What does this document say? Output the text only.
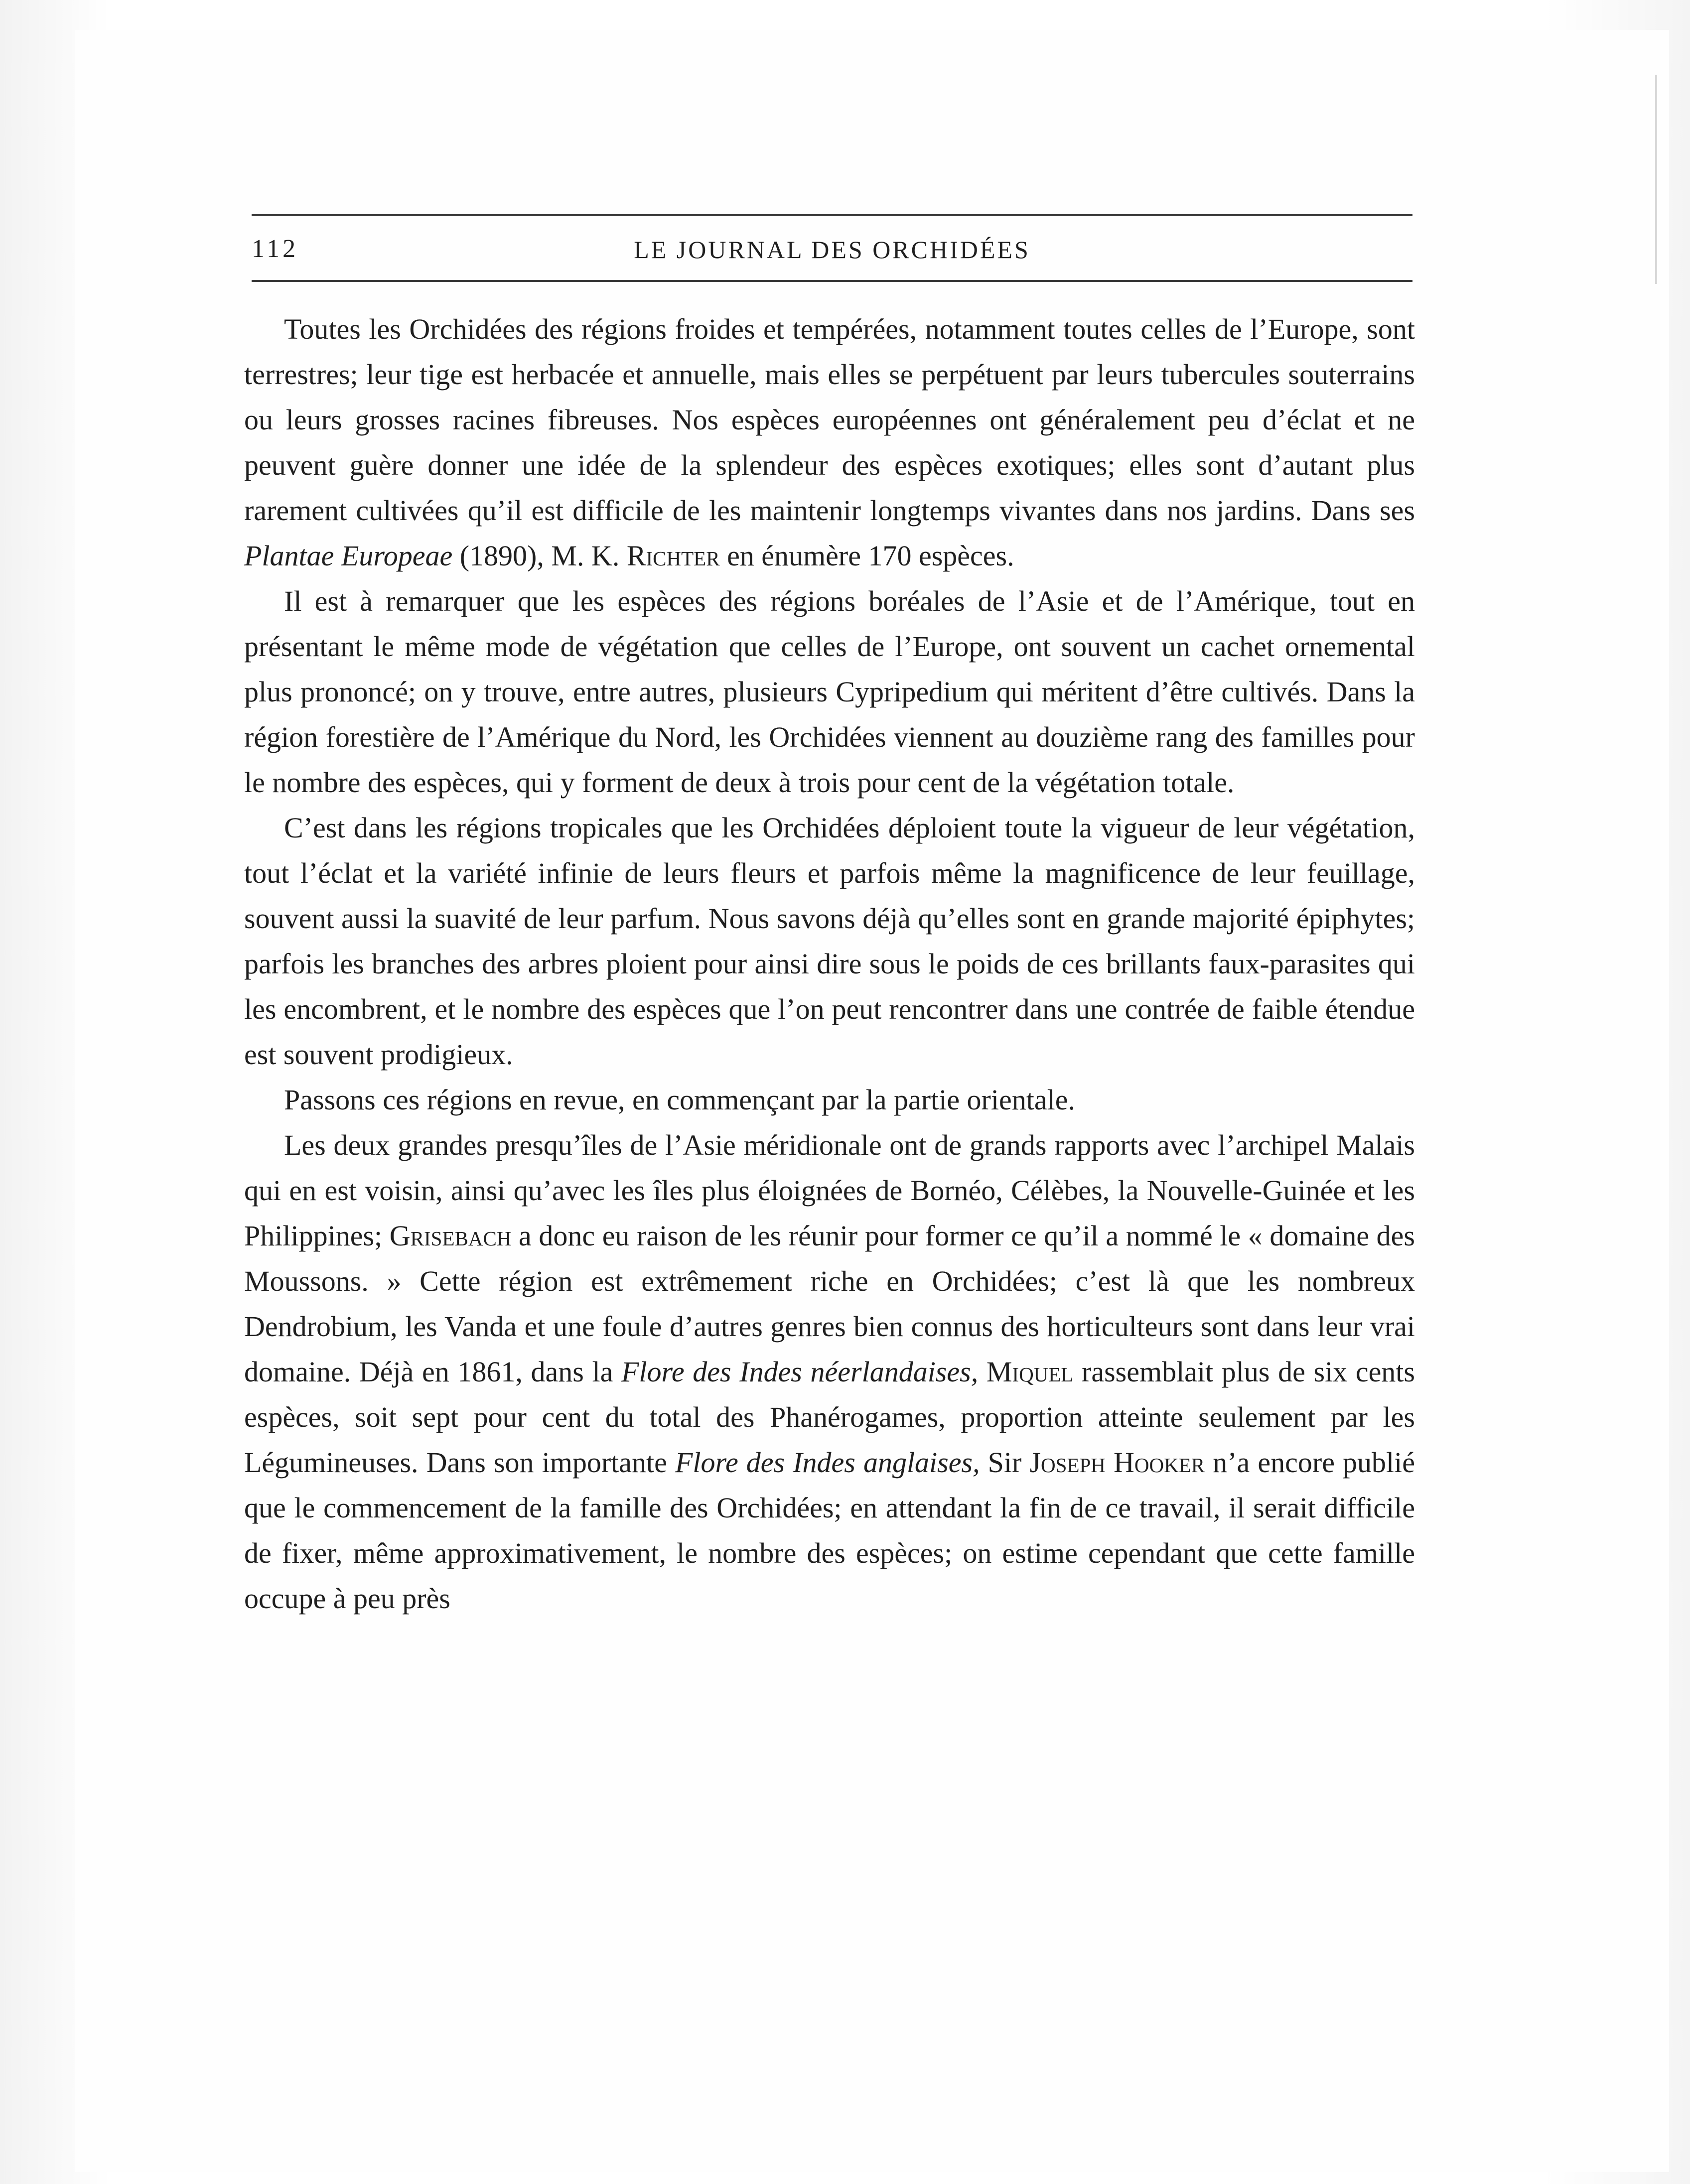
112	LE JOURNAL DES ORCHIDÉES

Toutes les Orchidées des régions froides et tempérées, notamment toutes celles de l’Europe, sont terrestres; leur tige est herbacée et annuelle, mais elles se perpétuent par leurs tubercules souterrains ou leurs grosses racines fibreuses. Nos espèces européennes ont généralement peu d’éclat et ne peuvent guère donner une idée de la splendeur des espèces exotiques; elles sont d’autant plus rarement cultivées qu’il est difficile de les maintenir longtemps vivantes dans nos jardins. Dans ses Plantae Europeae (1890), M. K. Richter en énumère 170 espèces.

Il est à remarquer que les espèces des régions boréales de l’Asie et de l’Amérique, tout en présentant le même mode de végétation que celles de l’Europe, ont souvent un cachet ornemental plus prononcé; on y trouve, entre autres, plusieurs Cypripedium qui méritent d’être cultivés. Dans la région forestière de l’Amérique du Nord, les Orchidées viennent au douzième rang des familles pour le nombre des espèces, qui y forment de deux à trois pour cent de la végétation totale.

C’est dans les régions tropicales que les Orchidées déploient toute la vigueur de leur végétation, tout l’éclat et la variété infinie de leurs fleurs et parfois même la magnificence de leur feuillage, souvent aussi la suavité de leur parfum. Nous savons déjà qu’elles sont en grande majorité épiphytes; parfois les branches des arbres ploient pour ainsi dire sous le poids de ces brillants faux-parasites qui les encombrent, et le nombre des espèces que l’on peut rencontrer dans une contrée de faible étendue est souvent prodigieux.

Passons ces régions en revue, en commençant par la partie orientale.

Les deux grandes presqu’îles de l’Asie méridionale ont de grands rapports avec l’archipel Malais qui en est voisin, ainsi qu’avec les îles plus éloignées de Bornéo, Célèbes, la Nouvelle-Guinée et les Philippines; Grisebach a donc eu raison de les réunir pour former ce qu’il a nommé le « domaine des Moussons. » Cette région est extrêmement riche en Orchidées; c’est là que les nombreux Dendrobium, les Vanda et une foule d’autres genres bien connus des horticulteurs sont dans leur vrai domaine. Déjà en 1861, dans la Flore des Indes néerlandaises, Miquel rassemblait plus de six cents espèces, soit sept pour cent du total des Phanérogames, proportion atteinte seulement par les Légumineuses. Dans son importante Flore des Indes anglaises, Sir Joseph Hooker n’a encore publié que le commencement de la famille des Orchidées; en attendant la fin de ce travail, il serait difficile de fixer, même approximativement, le nombre des espèces; on estime cependant que cette famille occupe à peu près
